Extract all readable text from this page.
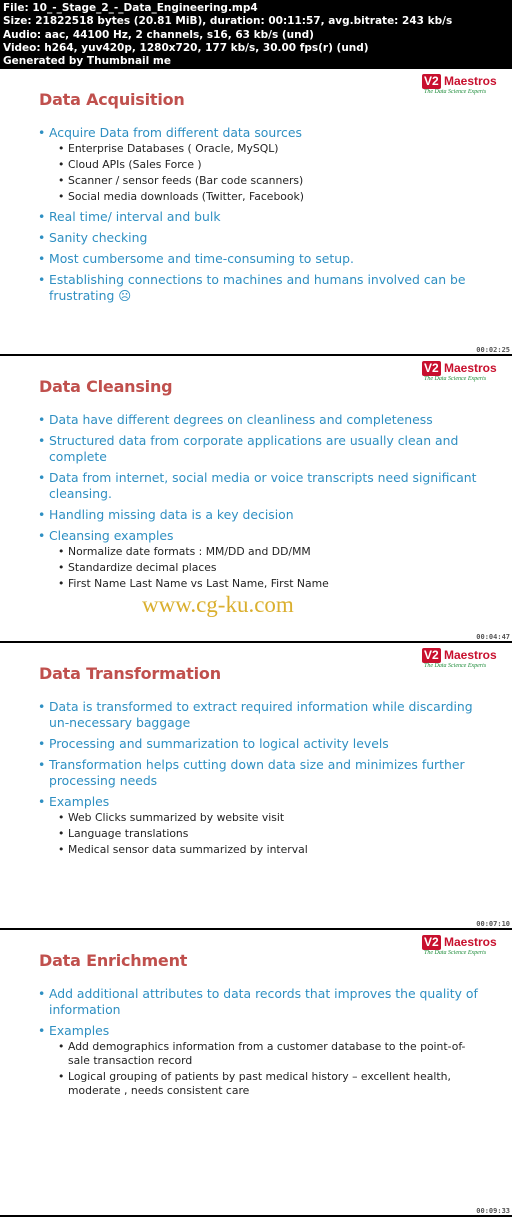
File: 10_-_Stage_2_-_Data_Engineering.mp4
Size: 21822518 bytes (20.81 MiB), duration: 00:11:57, avg.bitrate: 243 kb/s
Audio: aac, 44100 Hz, 2 channels, s16, 63 kb/s (und)
Video: h264, yuv420p, 1280x720, 177 kb/s, 30.00 fps(r) (und)
Generated by Thumbnail me
V2 Maestros
The Data Science Experts
Data Acquisition
• Acquire Data from different data sources
• Enterprise Databases ( Oracle, MySQL)
• Cloud APIs (Sales Force )
• Scanner / sensor feeds (Bar code scanners)
• Social media downloads (Twitter, Facebook)
• Real time/ interval and bulk
• Sanity checking
• Most cumbersome and time-consuming to setup.
• Establishing connections to machines and humans involved can be frustrating ☹
00:02:25
V2 Maestros
The Data Science Experts
Data Cleansing
• Data have different degrees on cleanliness and completeness
• Structured data from corporate applications are usually clean and complete
• Data from internet, social media or voice transcripts need significant cleansing.
• Handling missing data is a key decision
• Cleansing examples
• Normalize date formats : MM/DD and DD/MM
• Standardize decimal places
• First Name Last Name vs Last Name, First Name
www.cg-ku.com
00:04:47
V2 Maestros
The Data Science Experts
Data Transformation
• Data is transformed to extract required information while discarding un-necessary baggage
• Processing and summarization to logical activity levels
• Transformation helps cutting down data size and minimizes further processing needs
• Examples
• Web Clicks summarized by website visit
• Language translations
• Medical sensor data summarized by interval
00:07:10
V2 Maestros
The Data Science Experts
Data Enrichment
• Add additional attributes to data records that improves the quality of information
• Examples
• Add demographics information from a customer database to the point-of-sale transaction record
• Logical grouping of patients by past medical history – excellent health, moderate , needs consistent care
00:09:33
